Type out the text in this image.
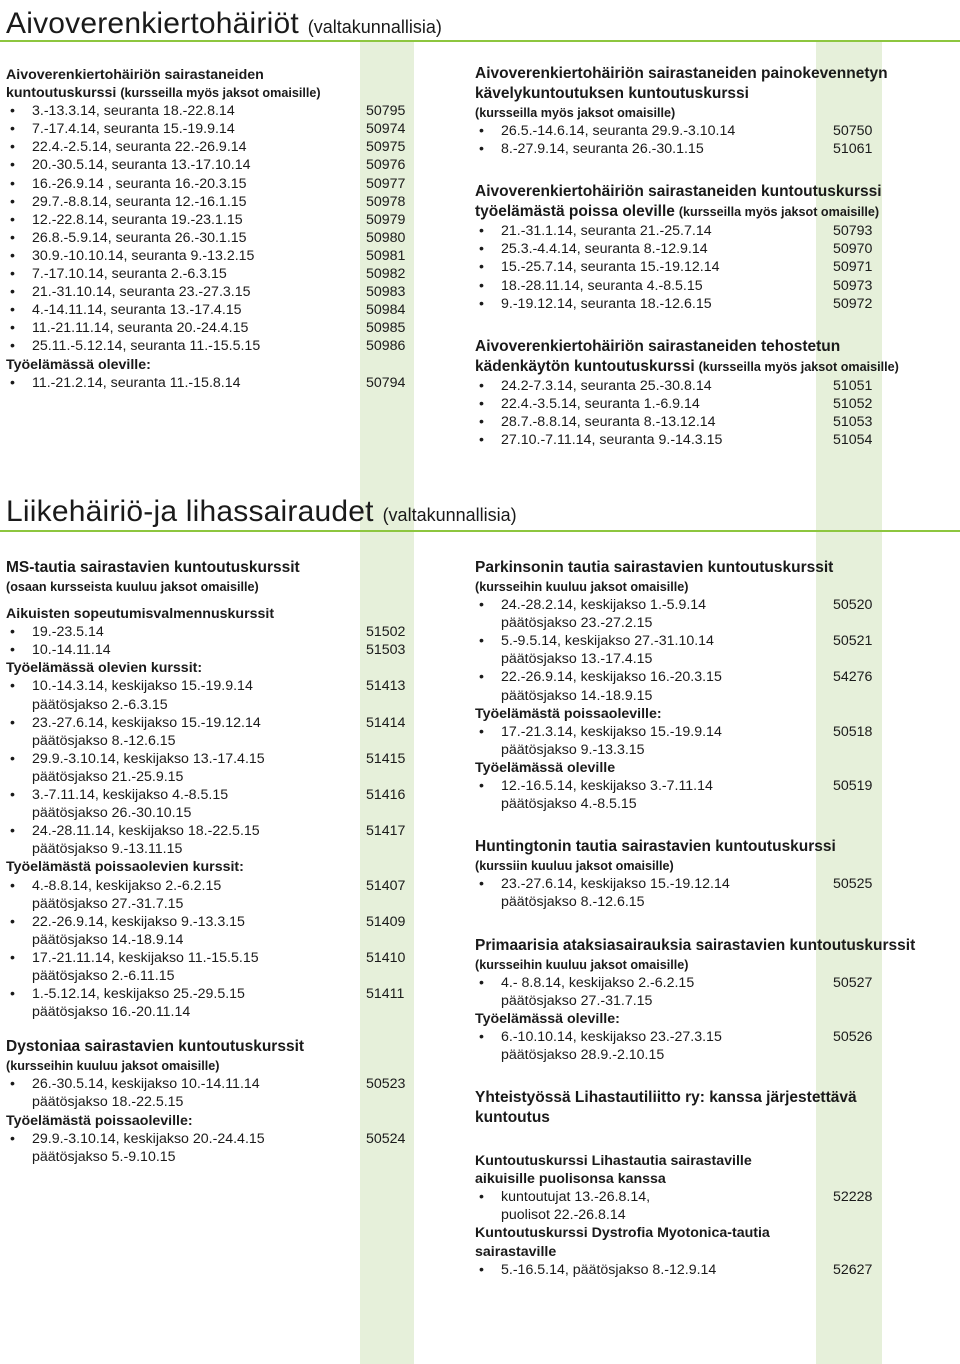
Aivoverenkiertohäiriöt (valtakunnallisia)
Aivoverenkiertohäiriön sairastaneiden
kuntoutuskurssi (kursseilla myös jaksot omaisille)
• 3.-13.3.14, seuranta 18.-22.8.14	50795
• 7.-17.4.14, seuranta 15.-19.9.14	50974
• 22.4.-2.5.14, seuranta 22.-26.9.14	50975
• 20.-30.5.14, seuranta 13.-17.10.14	50976
• 16.-26.9.14 , seuranta 16.-20.3.15	50977
• 29.7.-8.8.14, seuranta 12.-16.1.15	50978
• 12.-22.8.14, seuranta 19.-23.1.15	50979
• 26.8.-5.9.14, seuranta 26.-30.1.15	50980
• 30.9.-10.10.14, seuranta 9.-13.2.15	50981
• 7.-17.10.14, seuranta 2.-6.3.15	50982
• 21.-31.10.14, seuranta 23.-27.3.15	50983
• 4.-14.11.14, seuranta 13.-17.4.15	50984
• 11.-21.11.14, seuranta 20.-24.4.15	50985
• 25.11.-5.12.14, seuranta 11.-15.5.15	50986
Työelämässä oleville:
• 11.-21.2.14, seuranta 11.-15.8.14	50794
Aivoverenkiertohäiriön sairastaneiden painokevennetyn
kävelykuntoutuksen kuntoutuskurssi
(kursseilla myös jaksot omaisille)
• 26.5.-14.6.14, seuranta 29.9.-3.10.14	50750
• 8.-27.9.14, seuranta 26.-30.1.15	51061
Aivoverenkiertohäiriön sairastaneiden kuntoutuskurssi
työelämästä poissa oleville (kursseilla myös jaksot omaisille)
• 21.-31.1.14, seuranta 21.-25.7.14	50793
• 25.3.-4.4.14, seuranta 8.-12.9.14	50970
• 15.-25.7.14, seuranta 15.-19.12.14	50971
• 18.-28.11.14, seuranta 4.-8.5.15	50973
• 9.-19.12.14, seuranta 18.-12.6.15	50972
Aivoverenkiertohäiriön sairastaneiden tehostetun
kädenkäytön kuntoutuskurssi (kursseilla myös jaksot omaisille)
• 24.2-7.3.14, seuranta 25.-30.8.14	51051
• 22.4.-3.5.14, seuranta 1.-6.9.14	51052
• 28.7.-8.8.14, seuranta 8.-13.12.14	51053
• 27.10.-7.11.14, seuranta 9.-14.3.15	51054
Liikehäiriö-ja lihassairaudet (valtakunnallisia)
MS-tautia sairastavien kuntoutuskurssit
(osaan kursseista kuuluu jaksot omaisille)
Aikuisten sopeutumisvalmennuskurssit
• 19.-23.5.14	51502
• 10.-14.11.14	51503
Työelämässä olevien kurssit:
• 10.-14.3.14, keskijakso 15.-19.9.14	51413
päätösjakso 2.-6.3.15
• 23.-27.6.14, keskijakso 15.-19.12.14	51414
päätösjakso 8.-12.6.15
• 29.9.-3.10.14, keskijakso 13.-17.4.15	51415
päätösjakso 21.-25.9.15
• 3.-7.11.14, keskijakso 4.-8.5.15	51416
päätösjakso 26.-30.10.15
• 24.-28.11.14, keskijakso 18.-22.5.15	51417
päätösjakso 9.-13.11.15
Työelämästä poissaolevien kurssit:
• 4.-8.8.14, keskijakso 2.-6.2.15	51407
päätösjakso 27.-31.7.15
• 22.-26.9.14, keskijakso 9.-13.3.15	51409
päätösjakso 14.-18.9.14
• 17.-21.11.14, keskijakso 11.-15.5.15	51410
päätösjakso 2.-6.11.15
• 1.-5.12.14, keskijakso 25.-29.5.15	51411
päätösjakso 16.-20.11.14
Dystoniaa sairastavien kuntoutuskurssit
(kursseihin kuuluu jaksot omaisille)
• 26.-30.5.14, keskijakso 10.-14.11.14	50523
päätösjakso 18.-22.5.15
Työelämästä poissaoleville:
• 29.9.-3.10.14, keskijakso 20.-24.4.15	50524
päätösjakso 5.-9.10.15
Parkinsonin tautia sairastavien kuntoutuskurssit
(kursseihin kuuluu jaksot omaisille)
• 24.-28.2.14, keskijakso 1.-5.9.14	50520
päätösjakso 23.-27.2.15
• 5.-9.5.14, keskijakso 27.-31.10.14	50521
päätösjakso 13.-17.4.15
• 22.-26.9.14, keskijakso 16.-20.3.15	54276
päätösjakso 14.-18.9.15
Työelämästä poissaoleville:
• 17.-21.3.14, keskijakso 15.-19.9.14	50518
päätösjakso 9.-13.3.15
Työelämässä oleville
• 12.-16.5.14, keskijakso 3.-7.11.14	50519
päätösjakso 4.-8.5.15
Huntingtonin tautia sairastavien kuntoutuskurssi
(kurssiin kuuluu jaksot omaisille)
• 23.-27.6.14, keskijakso 15.-19.12.14	50525
päätösjakso 8.-12.6.15
Primaarisia ataksiasairauksia sairastavien kuntoutuskurssit
(kursseihin kuuluu jaksot omaisille)
• 4.- 8.8.14, keskijakso 2.-6.2.15	50527
päätösjakso 27.-31.7.15
Työelämässä oleville:
• 6.-10.10.14, keskijakso 23.-27.3.15	50526
päätösjakso 28.9.-2.10.15
Yhteistyössä Lihastautiliitto ry: kanssa järjestettävä kuntoutus
Kuntoutuskurssi Lihastautia sairastaville
aikuisille puolisonsa kanssa
• kuntoutujat 13.-26.8.14,	52228
puolisot 22.-26.8.14
Kuntoutuskurssi Dystrofia Myotonica-tautia
sairastaville
• 5.-16.5.14, päätösjakso 8.-12.9.14	52627
